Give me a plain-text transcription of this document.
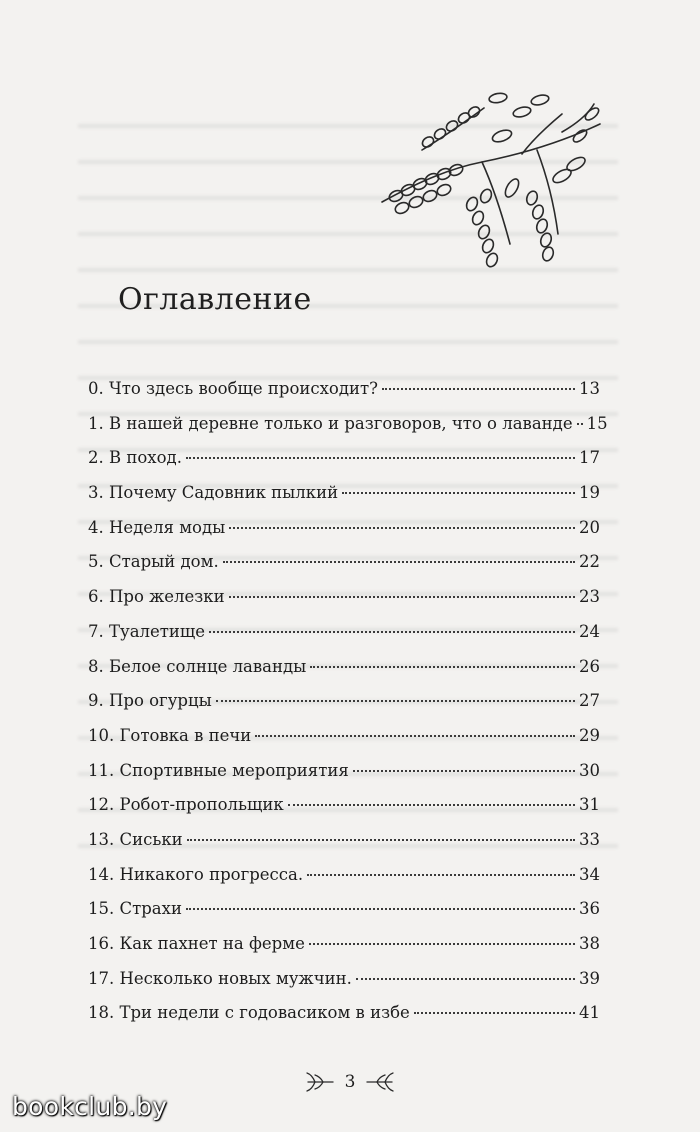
Оглавление
0. Что здесь вообще происходит?	13
1. В нашей деревне только и разговоров, что о лаванде 15
2. В поход.	17
3. Почему Садовник пылкий	19
4. Неделя моды	20
5. Старый дом.	22
6. Про железки	23
7. Туалетище	24
8. Белое солнце лаванды	26
9. Про огурцы	27
10. Готовка в печи	29
11. Спортивные мероприятия	30
12. Робот-пропольщик	31
13. Сиськи	33
14. Никакого прогресса.	34
15. Страхи	36
16. Как пахнет на ферме	38
17. Несколько новых мужчин.	39
18. Три недели с годовасиком в избе	41
3
bookclub.by
